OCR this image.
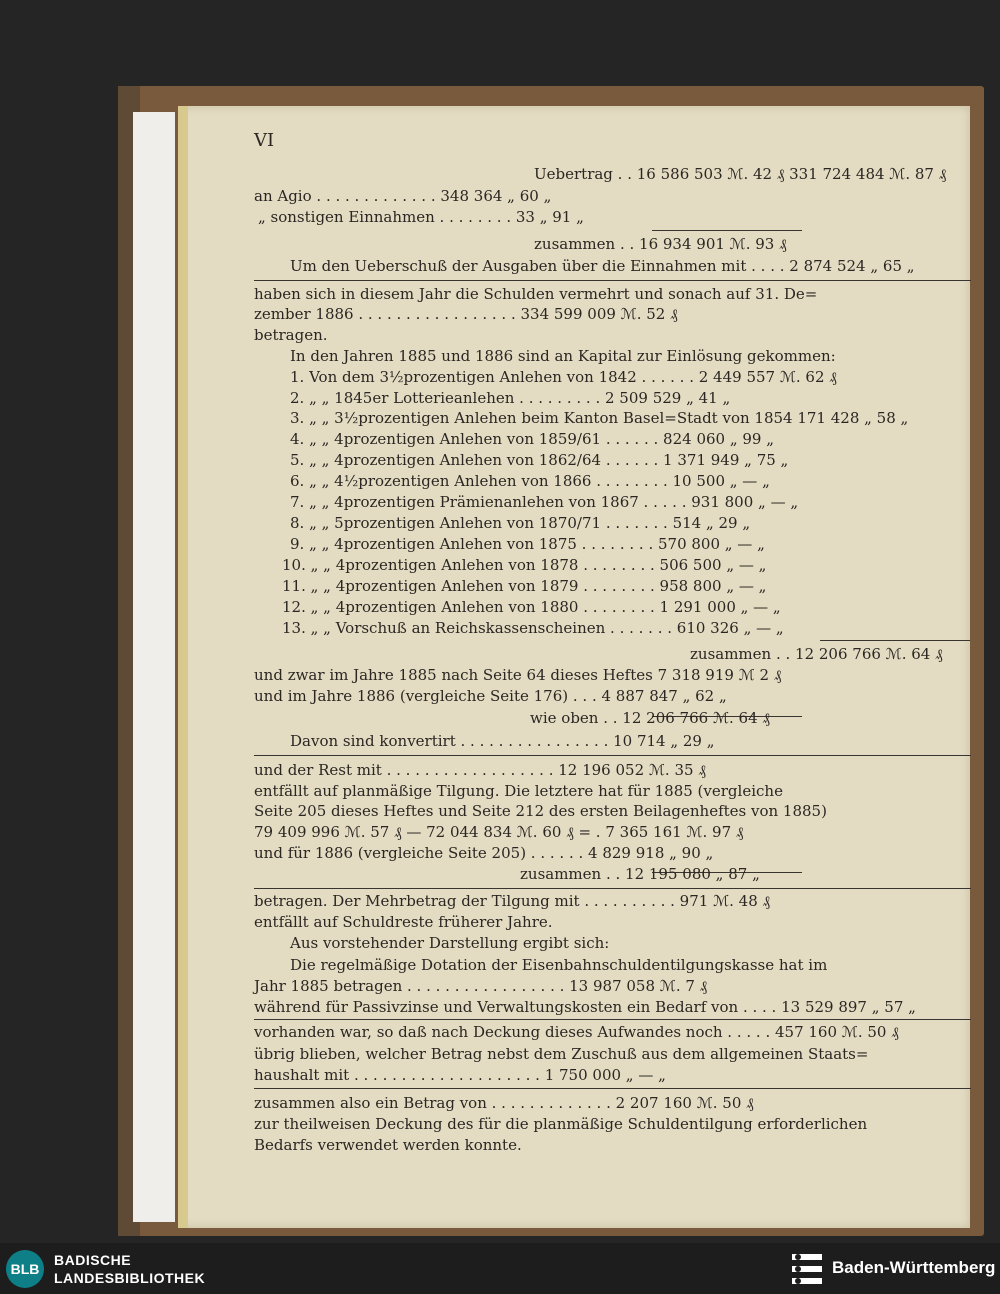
VI
Uebertrag . . 16 586 503 ℳ. 42 ₰ 331 724 484 ℳ. 87 ₰
an Agio . . . . . . . . . . . . . 348 364 „ 60 „
„ sonstigen Einnahmen . . . . . . . . 33 „ 91 „
zusammen . . 16 934 901 ℳ. 93 ₰
Um den Ueberschuß der Ausgaben über die Einnahmen mit . . . . 2 874 524 „ 65 „
haben sich in diesem Jahr die Schulden vermehrt und sonach auf 31. De=
zember 1886 . . . . . . . . . . . . . . . . . 334 599 009 ℳ. 52 ₰
betragen.
In den Jahren 1885 und 1886 sind an Kapital zur Einlösung gekommen:
1. Von dem 3½prozentigen Anlehen von 1842 . . . . . . 2 449 557 ℳ. 62 ₰
2. „ „ 1845er Lotterieanlehen . . . . . . . . . 2 509 529 „ 41 „
3. „ „ 3½prozentigen Anlehen beim Kanton Basel=Stadt von 1854 171 428 „ 58 „
4. „ „ 4prozentigen Anlehen von 1859/61 . . . . . . 824 060 „ 99 „
5. „ „ 4prozentigen Anlehen von 1862/64 . . . . . . 1 371 949 „ 75 „
6. „ „ 4½prozentigen Anlehen von 1866 . . . . . . . . 10 500 „ — „
7. „ „ 4prozentigen Prämienanlehen von 1867 . . . . . 931 800 „ — „
8. „ „ 5prozentigen Anlehen von 1870/71 . . . . . . . 514 „ 29 „
9. „ „ 4prozentigen Anlehen von 1875 . . . . . . . . 570 800 „ — „
10. „ „ 4prozentigen Anlehen von 1878 . . . . . . . . 506 500 „ — „
11. „ „ 4prozentigen Anlehen von 1879 . . . . . . . . 958 800 „ — „
12. „ „ 4prozentigen Anlehen von 1880 . . . . . . . . 1 291 000 „ — „
13. „ „ Vorschuß an Reichskassenscheinen . . . . . . . 610 326 „ — „
zusammen . . 12 206 766 ℳ. 64 ₰
und zwar im Jahre 1885 nach Seite 64 dieses Heftes 7 318 919 ℳ 2 ₰
und im Jahre 1886 (vergleiche Seite 176) . . . 4 887 847 „ 62 „
wie oben . . 12 206 766 ℳ. 64 ₰
Davon sind konvertirt . . . . . . . . . . . . . . . . 10 714 „ 29 „
und der Rest mit . . . . . . . . . . . . . . . . . . 12 196 052 ℳ. 35 ₰
entfällt auf planmäßige Tilgung. Die letztere hat für 1885 (vergleiche
Seite 205 dieses Heftes und Seite 212 des ersten Beilagenheftes von 1885)
79 409 996 ℳ. 57 ₰ — 72 044 834 ℳ. 60 ₰ = . 7 365 161 ℳ. 97 ₰
und für 1886 (vergleiche Seite 205) . . . . . . 4 829 918 „ 90 „
zusammen . . 12 195 080 „ 87 „
betragen. Der Mehrbetrag der Tilgung mit . . . . . . . . . . 971 ℳ. 48 ₰
entfällt auf Schuldreste früherer Jahre.
Aus vorstehender Darstellung ergibt sich:
Die regelmäßige Dotation der Eisenbahnschuldentilgungskasse hat im
Jahr 1885 betragen . . . . . . . . . . . . . . . . . 13 987 058 ℳ. 7 ₰
während für Passivzinse und Verwaltungskosten ein Bedarf von . . . . 13 529 897 „ 57 „
vorhanden war, so daß nach Deckung dieses Aufwandes noch . . . . . 457 160 ℳ. 50 ₰
übrig blieben, welcher Betrag nebst dem Zuschuß aus dem allgemeinen Staats=
haushalt mit . . . . . . . . . . . . . . . . . . . . 1 750 000 „ — „
zusammen also ein Betrag von . . . . . . . . . . . . . 2 207 160 ℳ. 50 ₰
zur theilweisen Deckung des für die planmäßige Schuldentilgung erforderlichen
Bedarfs verwendet werden konnte.
BLB
BADISCHE
LANDESBIBLIOTHEK
Baden-Württemberg
